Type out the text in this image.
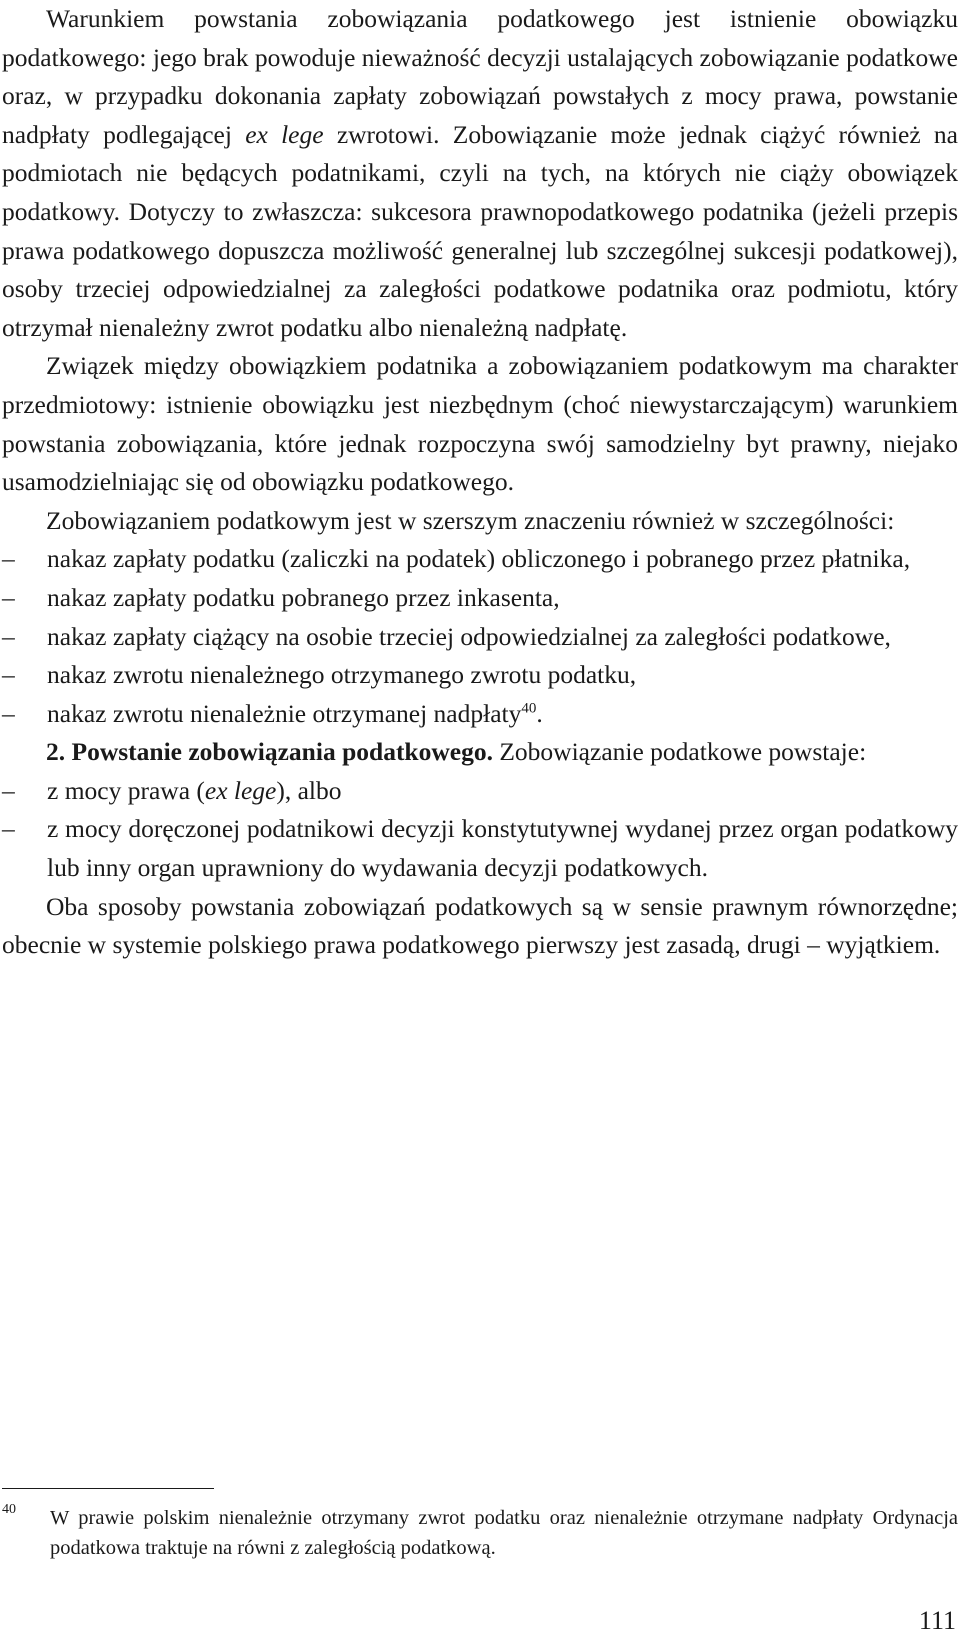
Warunkiem powstania zobowiązania podatkowego jest istnienie obowiązku podatkowego: jego brak powoduje nieważność decyzji ustalających zobowiązanie podatkowe oraz, w przypadku dokonania zapłaty zobowiązań powstałych z mocy prawa, powstanie nadpłaty podlegającej ex lege zwrotowi. Zobowiązanie może jednak ciążyć również na podmiotach nie będących podatnikami, czyli na tych, na których nie ciąży obowiązek podatkowy. Dotyczy to zwłaszcza: sukcesora prawnopodatkowego podatnika (jeżeli przepis prawa podatkowego dopuszcza możliwość generalnej lub szczególnej sukcesji podatkowej), osoby trzeciej odpowiedzialnej za zaległości podatkowe podatnika oraz podmiotu, który otrzymał nienależny zwrot podatku albo nienależną nadpłatę.

Związek między obowiązkiem podatnika a zobowiązaniem podatkowym ma charakter przedmiotowy: istnienie obowiązku jest niezbędnym (choć niewystarczającym) warunkiem powstania zobowiązania, które jednak rozpoczyna swój samodzielny byt prawny, niejako usamodzielniając się od obowiązku podatkowego.

Zobowiązaniem podatkowym jest w szerszym znaczeniu również w szczególności:

– nakaz zapłaty podatku (zaliczki na podatek) obliczonego i pobranego przez płatnika,
– nakaz zapłaty podatku pobranego przez inkasenta,
– nakaz zapłaty ciążący na osobie trzeciej odpowiedzialnej za zaległości podatkowe,
– nakaz zwrotu nienależnego otrzymanego zwrotu podatku,
– nakaz zwrotu nienależnie otrzymanej nadpłaty$^{40}$.

2. Powstanie zobowiązania podatkowego. Zobowiązanie podatkowe powstaje:

– z mocy prawa (ex lege), albo
– z mocy doręczonej podatnikowi decyzji konstytutywnej wydanej przez organ podatkowy lub inny organ uprawniony do wydawania decyzji podatkowych.

Oba sposoby powstania zobowiązań podatkowych są w sensie prawnym równorzędne; obecnie w systemie polskiego prawa podatkowego pierwszy jest zasadą, drugi – wyjątkiem.

40 W prawie polskim nienależnie otrzymany zwrot podatku oraz nienależnie otrzymane nadpłaty Ordynacja podatkowa traktuje na równi z zaległością podatkową.
111
